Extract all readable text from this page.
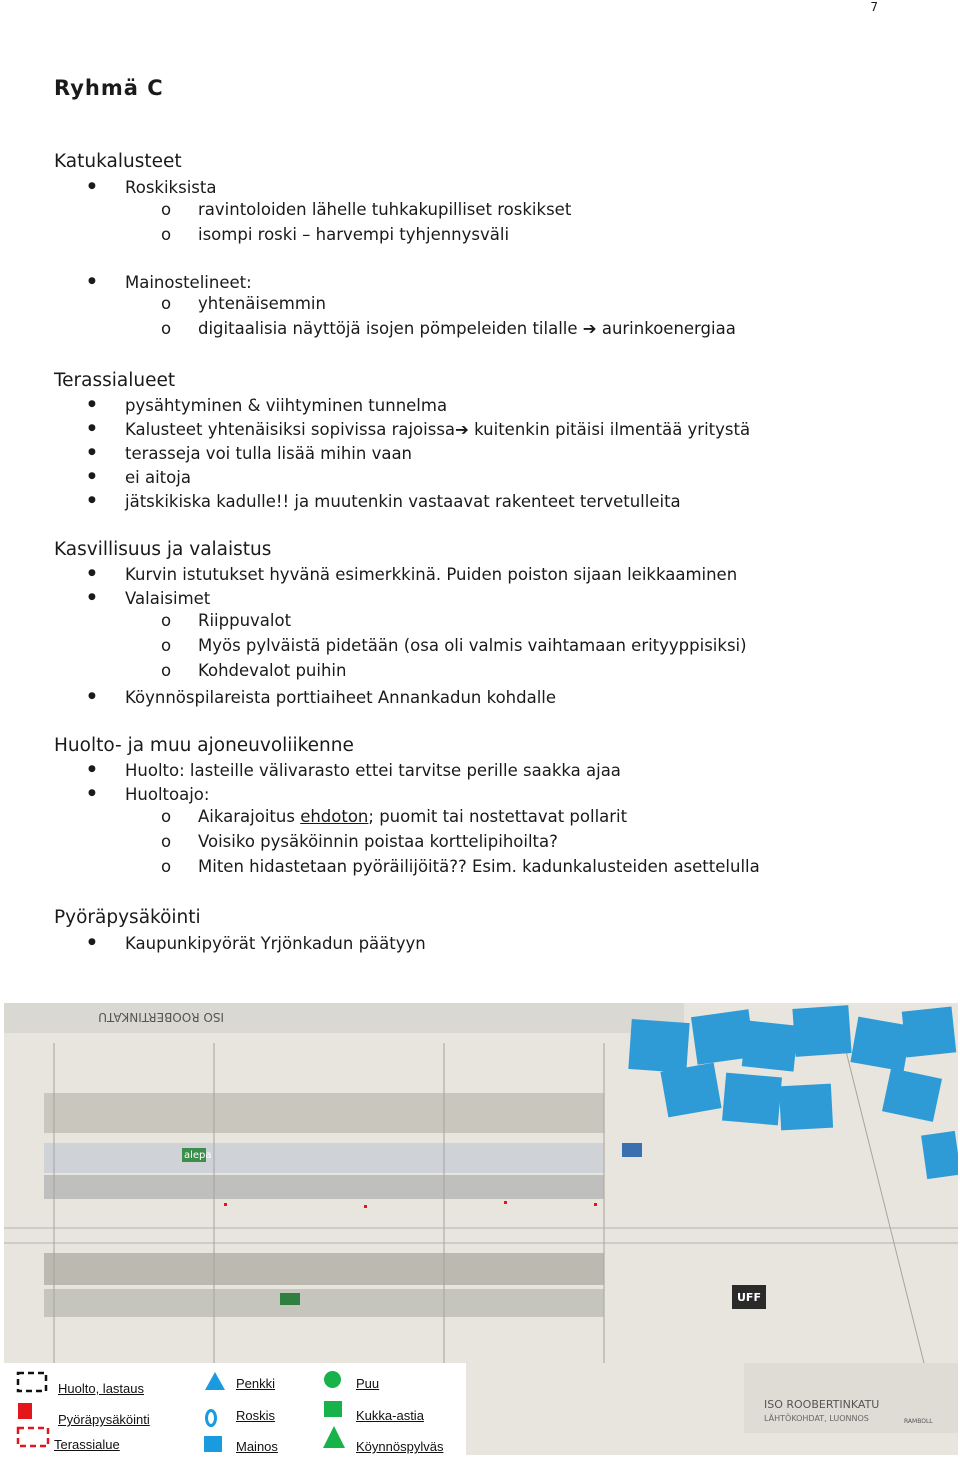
7
Ryhmä C
Katukalusteet
● Roskiksista
o ravintoloiden lähelle tuhkakupilliset roskikset
o isompi roski – harvempi tyhjennysväli
● Mainostelineet:
o yhtenäisemmin
o digitaalisia näyttöjä isojen pömpeleiden tilalle ➔ aurinkoenergiaa
Terassialueet
● pysähtyminen & viihtyminen tunnelma
● Kalusteet yhtenäisiksi sopivissa rajoissa➔ kuitenkin pitäisi ilmentää yritystä
● terasseja voi tulla lisää mihin vaan
● ei aitoja
● jätskikiska kadulle!! ja muutenkin vastaavat rakenteet tervetulleita
Kasvillisuus ja valaistus
● Kurvin istutukset hyvänä esimerkkinä. Puiden poiston sijaan leikkaaminen
● Valaisimet
o Riippuvalot
o Myös pylväistä pidetään (osa oli valmis vaihtamaan erityyppisiksi)
o Kohdevalot puihin
● Köynnöspilareista porttiaiheet Annankadun kohdalle
Huolto- ja muu ajoneuvoliikenne
● Huolto: lasteille välivarasto ettei tarvitse perille saakka ajaa
● Huoltoajo:
o Aikarajoitus ehdoton; puomit tai nostettavat pollarit
o Voisiko pysäköinnin poistaa korttelipihoilta?
o Miten hidastetaan pyöräilijöitä?? Esim. kadunkalusteiden asettelulla
Pyöräpysäköinti
● Kaupunkipyörät Yrjönkadun päätyyn
ISO ROOBERTINKATU
alepa
UFF
ISO ROOBERTINKATU
LÄHTÖKOHDAT, LUONNOS	RAMBOLL
Huolto, lastaus
Pyöräpysäköinti
Terassialue
Penkki
Roskis
Mainos
Puu
Kukka-astia
Köynnöspylväs
